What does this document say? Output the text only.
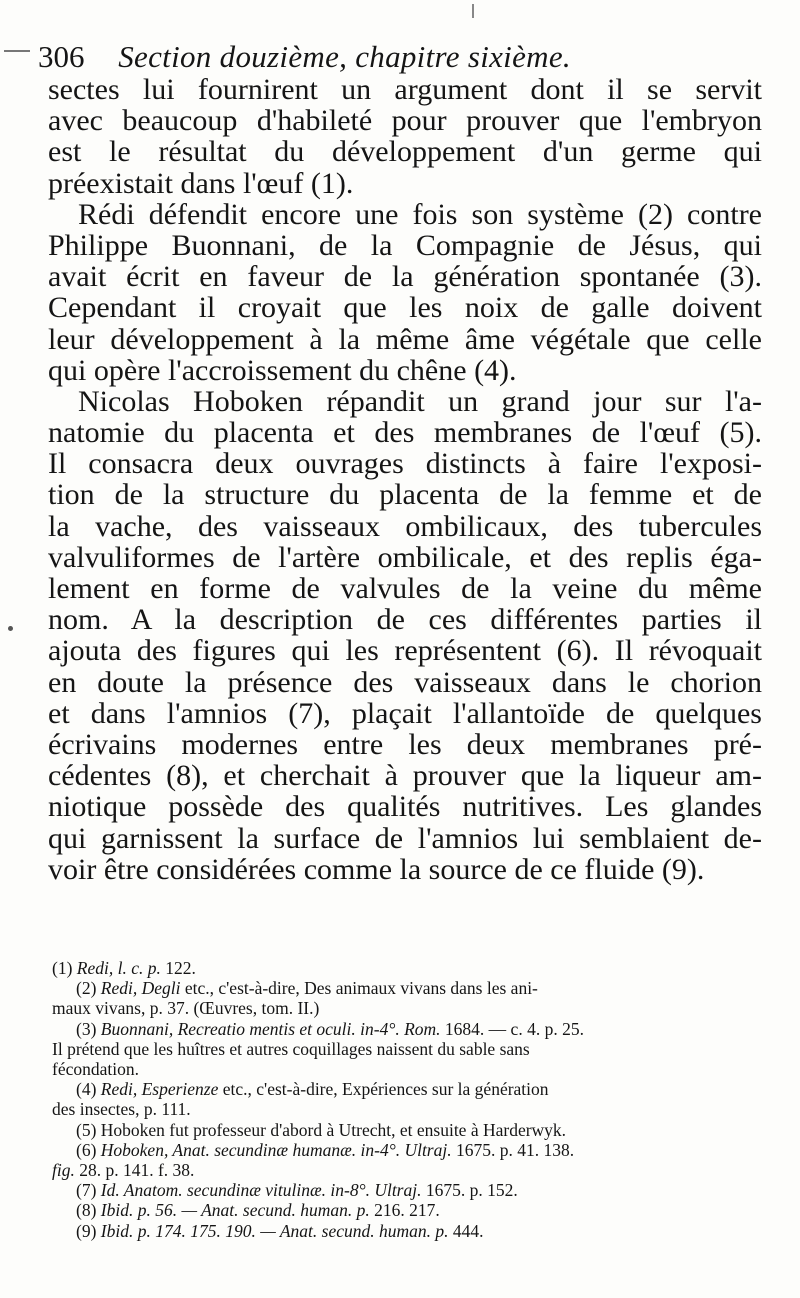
306 Section douzième, chapitre sixième.
sectes lui fournirent un argument dont il se servit
avec beaucoup d'habileté pour prouver que l'embryon
est le résultat du développement d'un germe qui
préexistait dans l'œuf (1).
Rédi défendit encore une fois son système (2) contre
Philippe Buonnani, de la Compagnie de Jésus, qui
avait écrit en faveur de la génération spontanée (3).
Cependant il croyait que les noix de galle doivent
leur développement à la même âme végétale que celle
qui opère l'accroissement du chêne (4).
Nicolas Hoboken répandit un grand jour sur l'a-
natomie du placenta et des membranes de l'œuf (5).
Il consacra deux ouvrages distincts à faire l'exposi-
tion de la structure du placenta de la femme et de
la vache, des vaisseaux ombilicaux, des tubercules
valvuliformes de l'artère ombilicale, et des replis éga-
lement en forme de valvules de la veine du même
nom. A la description de ces différentes parties il
ajouta des figures qui les représentent (6). Il révoquait
en doute la présence des vaisseaux dans le chorion
et dans l'amnios (7), plaçait l'allantoïde de quelques
écrivains modernes entre les deux membranes pré-
cédentes (8), et cherchait à prouver que la liqueur am-
niotique possède des qualités nutritives. Les glandes
qui garnissent la surface de l'amnios lui semblaient de-
voir être considérées comme la source de ce fluide (9).
(1) Redi, l. c. p. 122.
(2) Redi, Degli etc., c'est-à-dire, Des animaux vivans dans les ani-
maux vivans, p. 37. (Œuvres, tom. II.)
(3) Buonnani, Recreatio mentis et oculi. in-4°. Rom. 1684. — c. 4. p. 25.
Il prétend que les huîtres et autres coquillages naissent du sable sans
fécondation.
(4) Redi, Esperienze etc., c'est-à-dire, Expériences sur la génération
des insectes, p. 111.
(5) Hoboken fut professeur d'abord à Utrecht, et ensuite à Harderwyk.
(6) Hoboken, Anat. secundinæ humanæ. in-4°. Ultraj. 1675. p. 41. 138.
fig. 28. p. 141. f. 38.
(7) Id. Anatom. secundinæ vitulinæ. in-8°. Ultraj. 1675. p. 152.
(8) Ibid. p. 56. — Anat. secund. human. p. 216. 217.
(9) Ibid. p. 174. 175. 190. — Anat. secund. human. p. 444.
